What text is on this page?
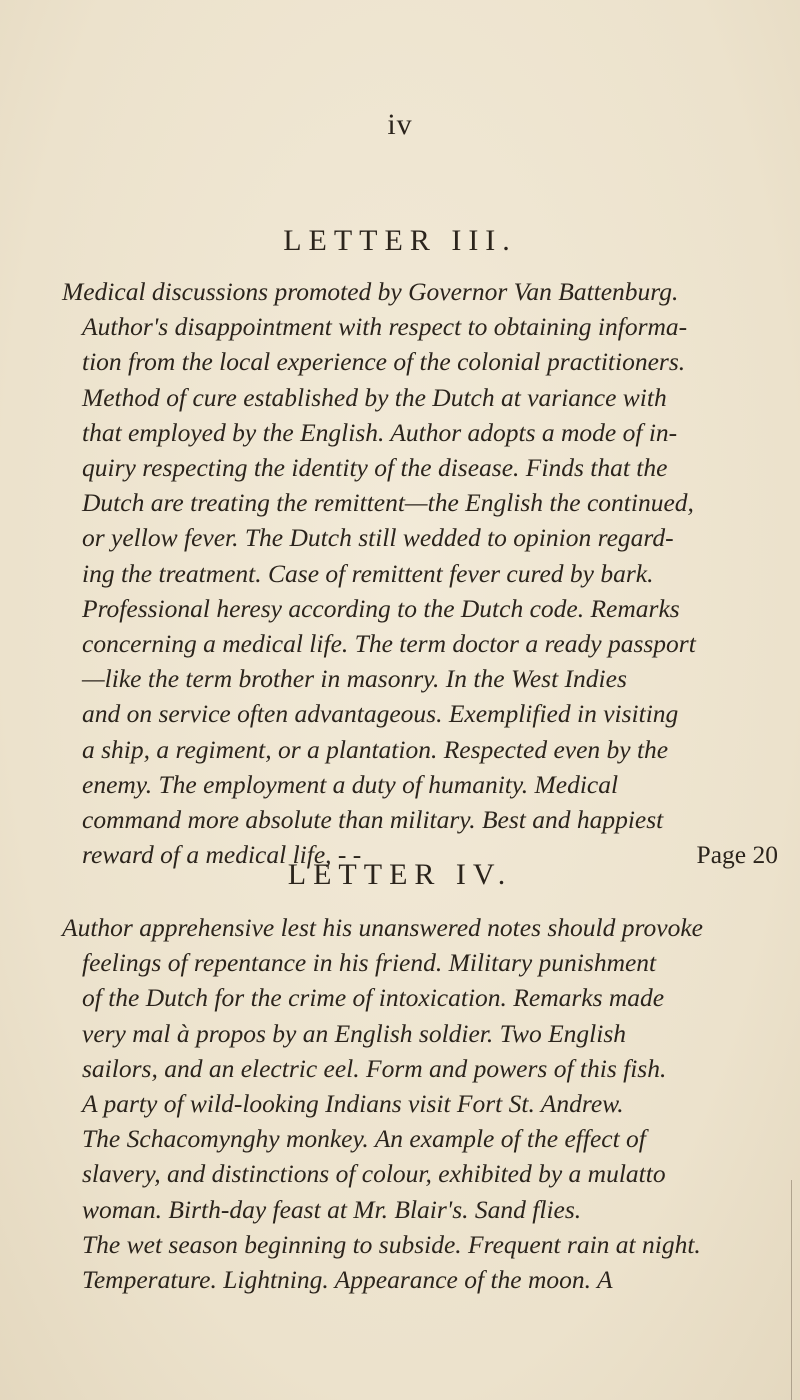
iv
LETTER III.
Medical discussions promoted by Governor Van Battenburg.
Author's disappointment with respect to obtaining informa-
tion from the local experience of the colonial practitioners.
Method of cure established by the Dutch at variance with
that employed by the English. Author adopts a mode of in-
quiry respecting the identity of the disease. Finds that the
Dutch are treating the remittent—the English the continued,
or yellow fever. The Dutch still wedded to opinion regard-
ing the treatment. Case of remittent fever cured by bark.
Professional heresy according to the Dutch code. Remarks
concerning a medical life. The term doctor a ready passport
—like the term brother in masonry. In the West Indies
and on service often advantageous. Exemplified in visiting
a ship, a regiment, or a plantation. Respected even by the
enemy. The employment a duty of humanity. Medical
command more absolute than military. Best and happiest
reward of a medical life, - -	Page 20
LETTER IV.
Author apprehensive lest his unanswered notes should provoke
feelings of repentance in his friend. Military punishment
of the Dutch for the crime of intoxication. Remarks made
very mal à propos by an English soldier. Two English
sailors, and an electric eel. Form and powers of this fish.
A party of wild-looking Indians visit Fort St. Andrew.
The Schacomynghy monkey. An example of the effect of
slavery, and distinctions of colour, exhibited by a mulatto
woman. Birth-day feast at Mr. Blair's. Sand flies.
The wet season beginning to subside. Frequent rain at night.
Temperature. Lightning. Appearance of the moon. A
